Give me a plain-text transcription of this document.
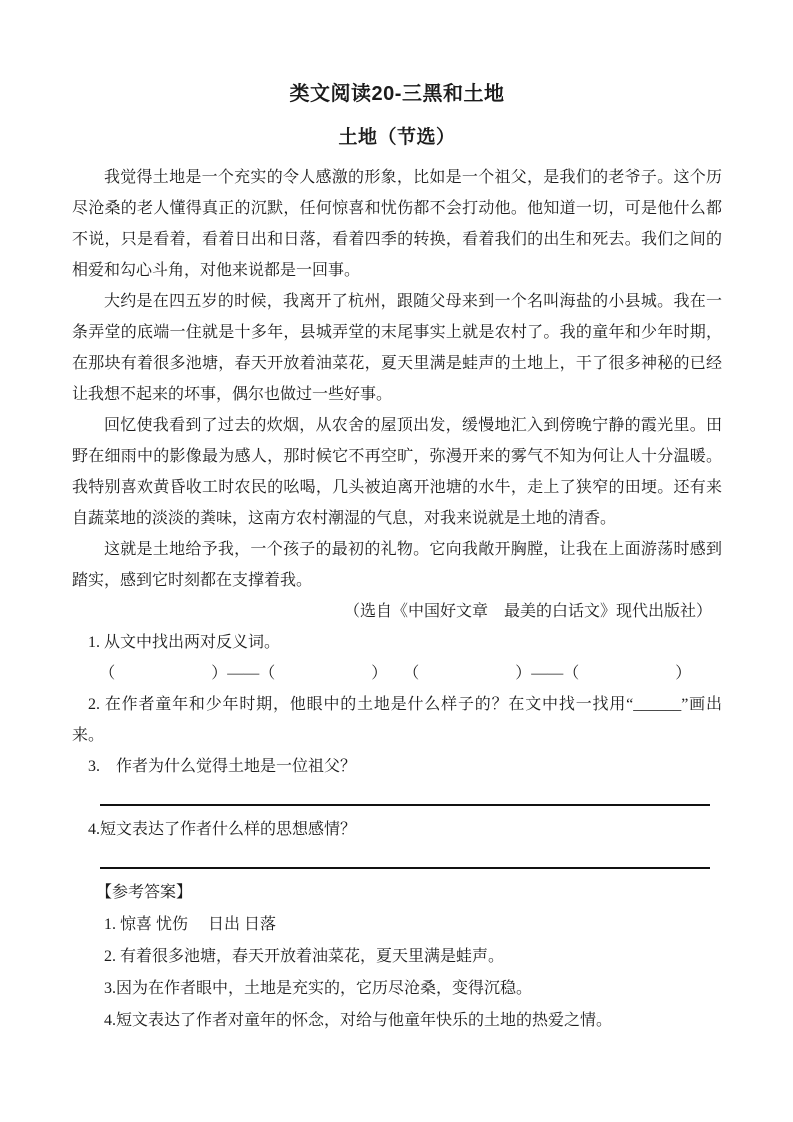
类文阅读20-三黑和土地
土地（节选）

我觉得土地是一个充实的令人感激的形象，比如是一个祖父，是我们的老爷子。这个历尽沧桑的老人懂得真正的沉默，任何惊喜和忧伤都不会打动他。他知道一切，可是他什么都不说，只是看着，看着日出和日落，看着四季的转换，看着我们的出生和死去。我们之间的相爱和勾心斗角，对他来说都是一回事。

大约是在四五岁的时候，我离开了杭州，跟随父母来到一个名叫海盐的小县城。我在一条弄堂的底端一住就是十多年，县城弄堂的末尾事实上就是农村了。我的童年和少年时期，在那块有着很多池塘，春天开放着油菜花，夏天里满是蛙声的土地上，干了很多神秘的已经让我想不起来的坏事，偶尔也做过一些好事。

回忆使我看到了过去的炊烟，从农舍的屋顶出发，缓慢地汇入到傍晚宁静的霞光里。田野在细雨中的影像最为感人，那时候它不再空旷，弥漫开来的雾气不知为何让人十分温暖。我特别喜欢黄昏收工时农民的吆喝，几头被迫离开池塘的水牛，走上了狭窄的田埂。还有来自蔬菜地的淡淡的粪味，这南方农村潮湿的气息，对我来说就是土地的清香。

这就是土地给予我，一个孩子的最初的礼物。它向我敞开胸膛，让我在上面游荡时感到踏实，感到它时刻都在支撑着我。

（选自《中国好文章　最美的白话文》现代出版社）

1. 从文中找出两对反义词。

（　　　　　　）——（　　　　　　）　　（　　　　　　）——（　　　　　　）

2. 在作者童年和少年时期，他眼中的土地是什么样子的？在文中找一找用“______”画出来。

3.　作者为什么觉得土地是一位祖父？

4.短文表达了作者什么样的思想感情？

【参考答案】

1. 惊喜 忧伤　 日出 日落

2. 有着很多池塘，春天开放着油菜花，夏天里满是蛙声。

3.因为在作者眼中，土地是充实的，它历尽沧桑，变得沉稳。

4.短文表达了作者对童年的怀念，对给与他童年快乐的土地的热爱之情。
